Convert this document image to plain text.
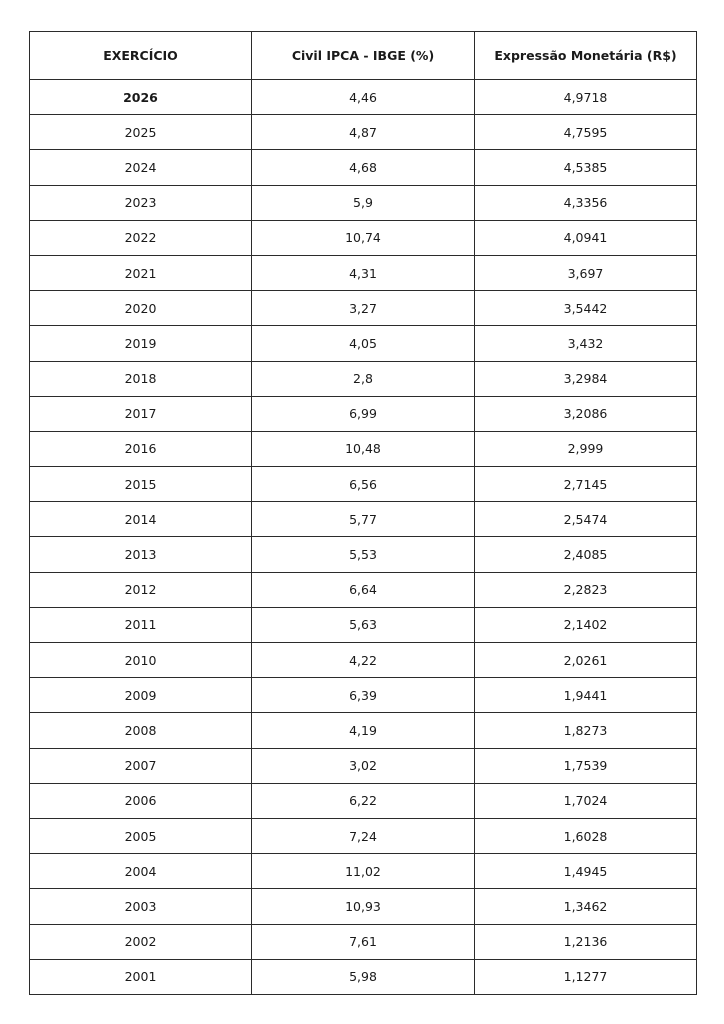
EXERCÍCIO	Civil IPCA - IBGE (%)	Expressão Monetária (R$)
2026	4,46	4,9718
2025	4,87	4,7595
2024	4,68	4,5385
2023	5,9	4,3356
2022	10,74	4,0941
2021	4,31	3,697
2020	3,27	3,5442
2019	4,05	3,432
2018	2,8	3,2984
2017	6,99	3,2086
2016	10,48	2,999
2015	6,56	2,7145
2014	5,77	2,5474
2013	5,53	2,4085
2012	6,64	2,2823
2011	5,63	2,1402
2010	4,22	2,0261
2009	6,39	1,9441
2008	4,19	1,8273
2007	3,02	1,7539
2006	6,22	1,7024
2005	7,24	1,6028
2004	11,02	1,4945
2003	10,93	1,3462
2002	7,61	1,2136
2001	5,98	1,1277
